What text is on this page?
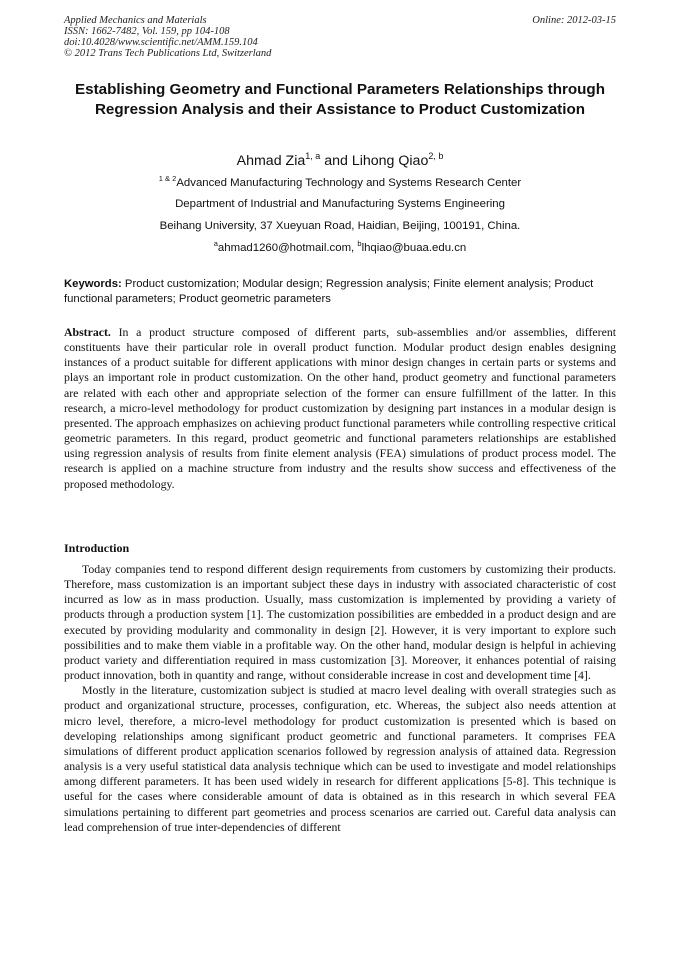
Applied Mechanics and Materials
ISSN: 1662-7482, Vol. 159, pp 104-108
doi:10.4028/www.scientific.net/AMM.159.104
© 2012 Trans Tech Publications Ltd, Switzerland
Online: 2012-03-15
Establishing Geometry and Functional Parameters Relationships through Regression Analysis and their Assistance to Product Customization
Ahmad Zia$^{1, a}$ and Lihong Qiao$^{2, b}$
$^{1 \& 2}$Advanced Manufacturing Technology and Systems Research Center
Department of Industrial and Manufacturing Systems Engineering
Beihang University, 37 Xueyuan Road, Haidian, Beijing, 100191, China.
$^a$ahmad1260@hotmail.com, $^b$lhqiao@buaa.edu.cn
Keywords: Product customization; Modular design; Regression analysis; Finite element analysis; Product functional parameters; Product geometric parameters
Abstract. In a product structure composed of different parts, sub-assemblies and/or assemblies, different constituents have their particular role in overall product function. Modular product design enables designing instances of a product suitable for different applications with minor design changes in certain parts or systems and plays an important role in product customization. On the other hand, product geometry and functional parameters are related with each other and appropriate selection of the former can ensure fulfillment of the latter. In this research, a micro-level methodology for product customization by designing part instances in a modular design is presented. The approach emphasizes on achieving product functional parameters while controlling respective critical geometric parameters. In this regard, product geometric and functional parameters relationships are established using regression analysis of results from finite element analysis (FEA) simulations of product process model. The research is applied on a machine structure from industry and the results show success and effectiveness of the proposed methodology.
Introduction

Today companies tend to respond different design requirements from customers by customizing their products. Therefore, mass customization is an important subject these days in industry with associated characteristic of cost incurred as low as in mass production. Usually, mass customization is implemented by providing a variety of products through a production system [1]. The customization possibilities are embedded in a product design and are executed by providing modularity and commonality in design [2]. However, it is very important to explore such possibilities and to make them viable in a profitable way. On the other hand, modular design is helpful in achieving product variety and differentiation required in mass customization [3]. Moreover, it enhances potential of raising product innovation, both in quantity and range, without considerable increase in cost and development time [4].

Mostly in the literature, customization subject is studied at macro level dealing with overall strategies such as product and organizational structure, processes, configuration, etc. Whereas, the subject also needs attention at micro level, therefore, a micro-level methodology for product customization is presented which is based on developing relationships among significant product geometric and functional parameters. It comprises FEA simulations of different product application scenarios followed by regression analysis of attained data. Regression analysis is a very useful statistical data analysis technique which can be used to investigate and model relationships among different parameters. It has been used widely in research for different applications [5-8]. This technique is useful for the cases where considerable amount of data is obtained as in this research in which several FEA simulations pertaining to different part geometries and process scenarios are carried out. Careful data analysis can lead comprehension of true inter-dependencies of different
